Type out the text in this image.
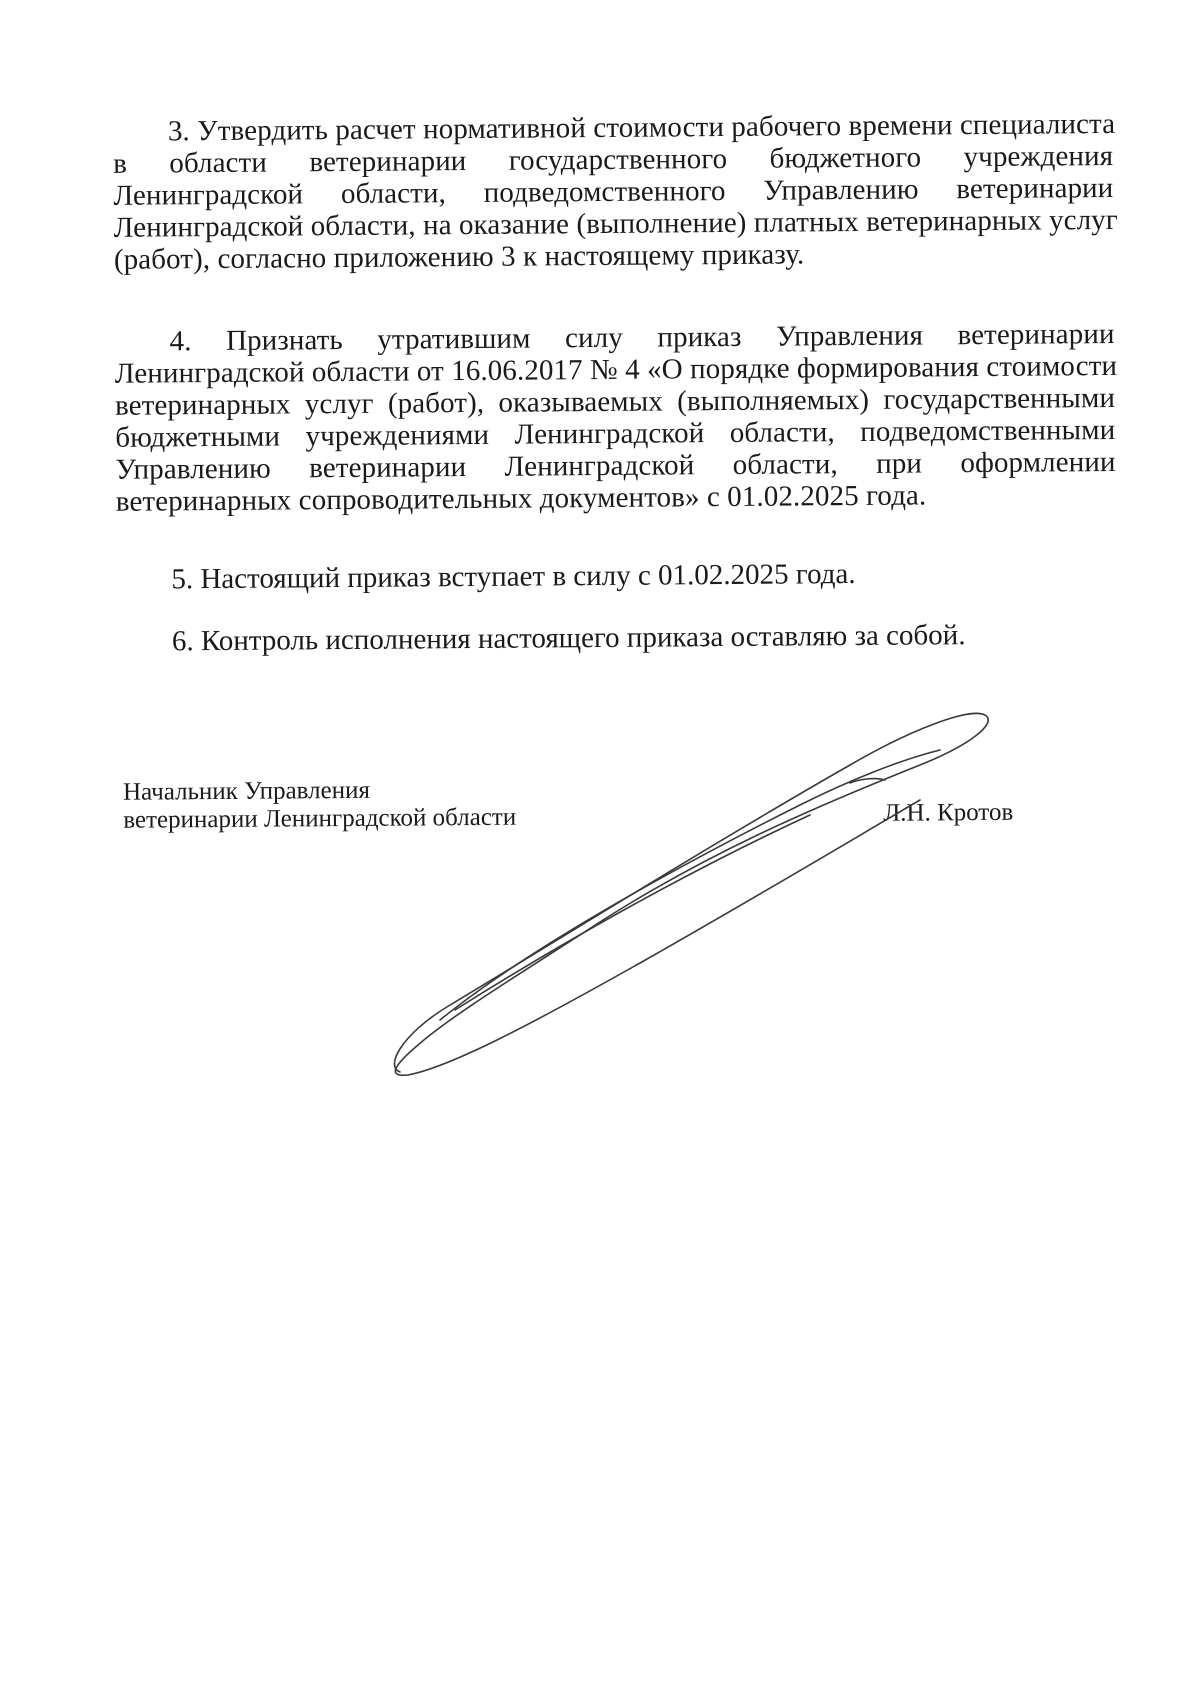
3. Утвердить расчет нормативной стоимости рабочего времени специалиста
в области ветеринарии государственного бюджетного учреждения
Ленинградской области, подведомственного Управлению ветеринарии
Ленинградской области, на оказание (выполнение) платных ветеринарных услуг
(работ), согласно приложению 3 к настоящему приказу.
4. Признать утратившим силу приказ Управления ветеринарии
Ленинградской области от 16.06.2017 № 4 «О порядке формирования стоимости
ветеринарных услуг (работ), оказываемых (выполняемых) государственными
бюджетными учреждениями Ленинградской области, подведомственными
Управлению ветеринарии Ленинградской области, при оформлении
ветеринарных сопроводительных документов» с 01.02.2025 года.
5. Настоящий приказ вступает в силу с 01.02.2025 года.
6. Контроль исполнения настоящего приказа оставляю за собой.
Начальник Управления
ветеринарии Ленинградской области	Л.Н. Кротов
